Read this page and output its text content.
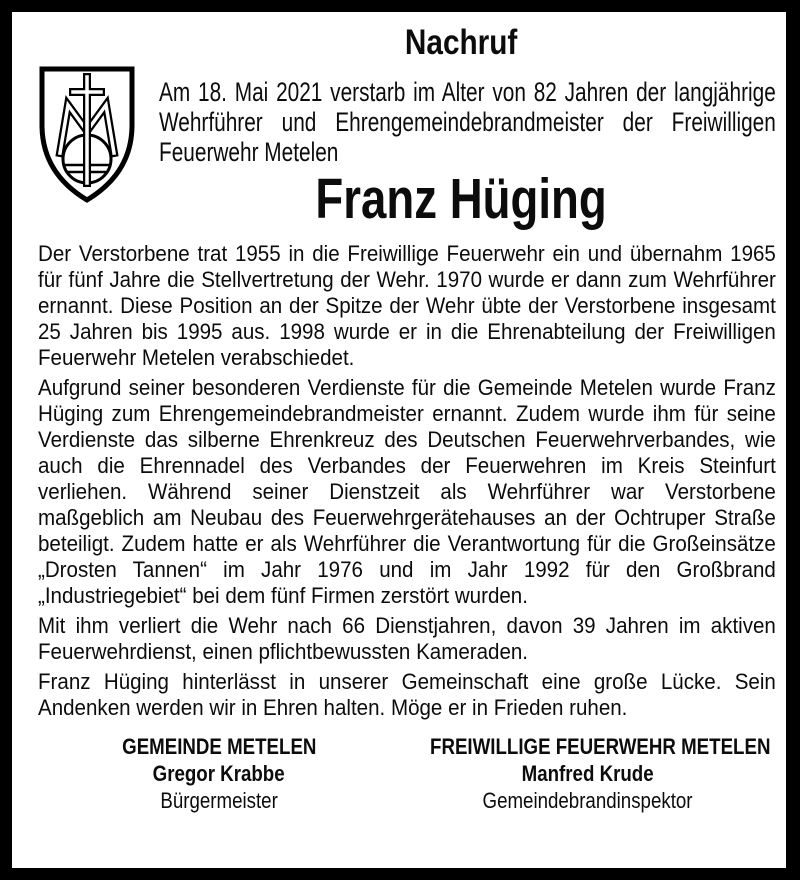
Nachruf

Am 18. Mai 2021 verstarb im Alter von 82 Jahren der langjährige Wehrführer und Ehrengemeindebrandmeister der Freiwilligen Feuerwehr Metelen

Franz Hüging

Der Verstorbene trat 1955 in die Freiwillige Feuerwehr ein und übernahm 1965 für fünf Jahre die Stellvertretung der Wehr. 1970 wurde er dann zum Wehrführer ernannt. Diese Position an der Spitze der Wehr übte der Verstorbene insgesamt 25 Jahren bis 1995 aus. 1998 wurde er in die Ehrenabteilung der Freiwilligen Feuerwehr Metelen verabschiedet.

Aufgrund seiner besonderen Verdienste für die Gemeinde Metelen wurde Franz Hüging zum Ehrengemeindebrandmeister ernannt. Zudem wurde ihm für seine Verdienste das silberne Ehrenkreuz des Deutschen Feuerwehrverbandes, wie auch die Ehrennadel des Verbandes der Feuerwehren im Kreis Steinfurt verliehen. Während seiner Dienstzeit als Wehrführer war Verstorbene maßgeblich am Neubau des Feuerwehrgerätehauses an der Ochtruper Straße beteiligt. Zudem hatte er als Wehrführer die Verantwortung für die Großeinsätze „Drosten Tannen“ im Jahr 1976 und im Jahr 1992 für den Großbrand „Industriegebiet“ bei dem fünf Firmen zerstört wurden.

Mit ihm verliert die Wehr nach 66 Dienstjahren, davon 39 Jahren im aktiven Feuerwehrdienst, einen pflichtbewussten Kameraden.

Franz Hüging hinterlässt in unserer Gemeinschaft eine große Lücke. Sein Andenken werden wir in Ehren halten. Möge er in Frieden ruhen.

GEMEINDE METELEN
Gregor Krabbe
Bürgermeister
FREIWILLIGE FEUERWEHR METELEN
Manfred Krude
Gemeindebrandinspektor
